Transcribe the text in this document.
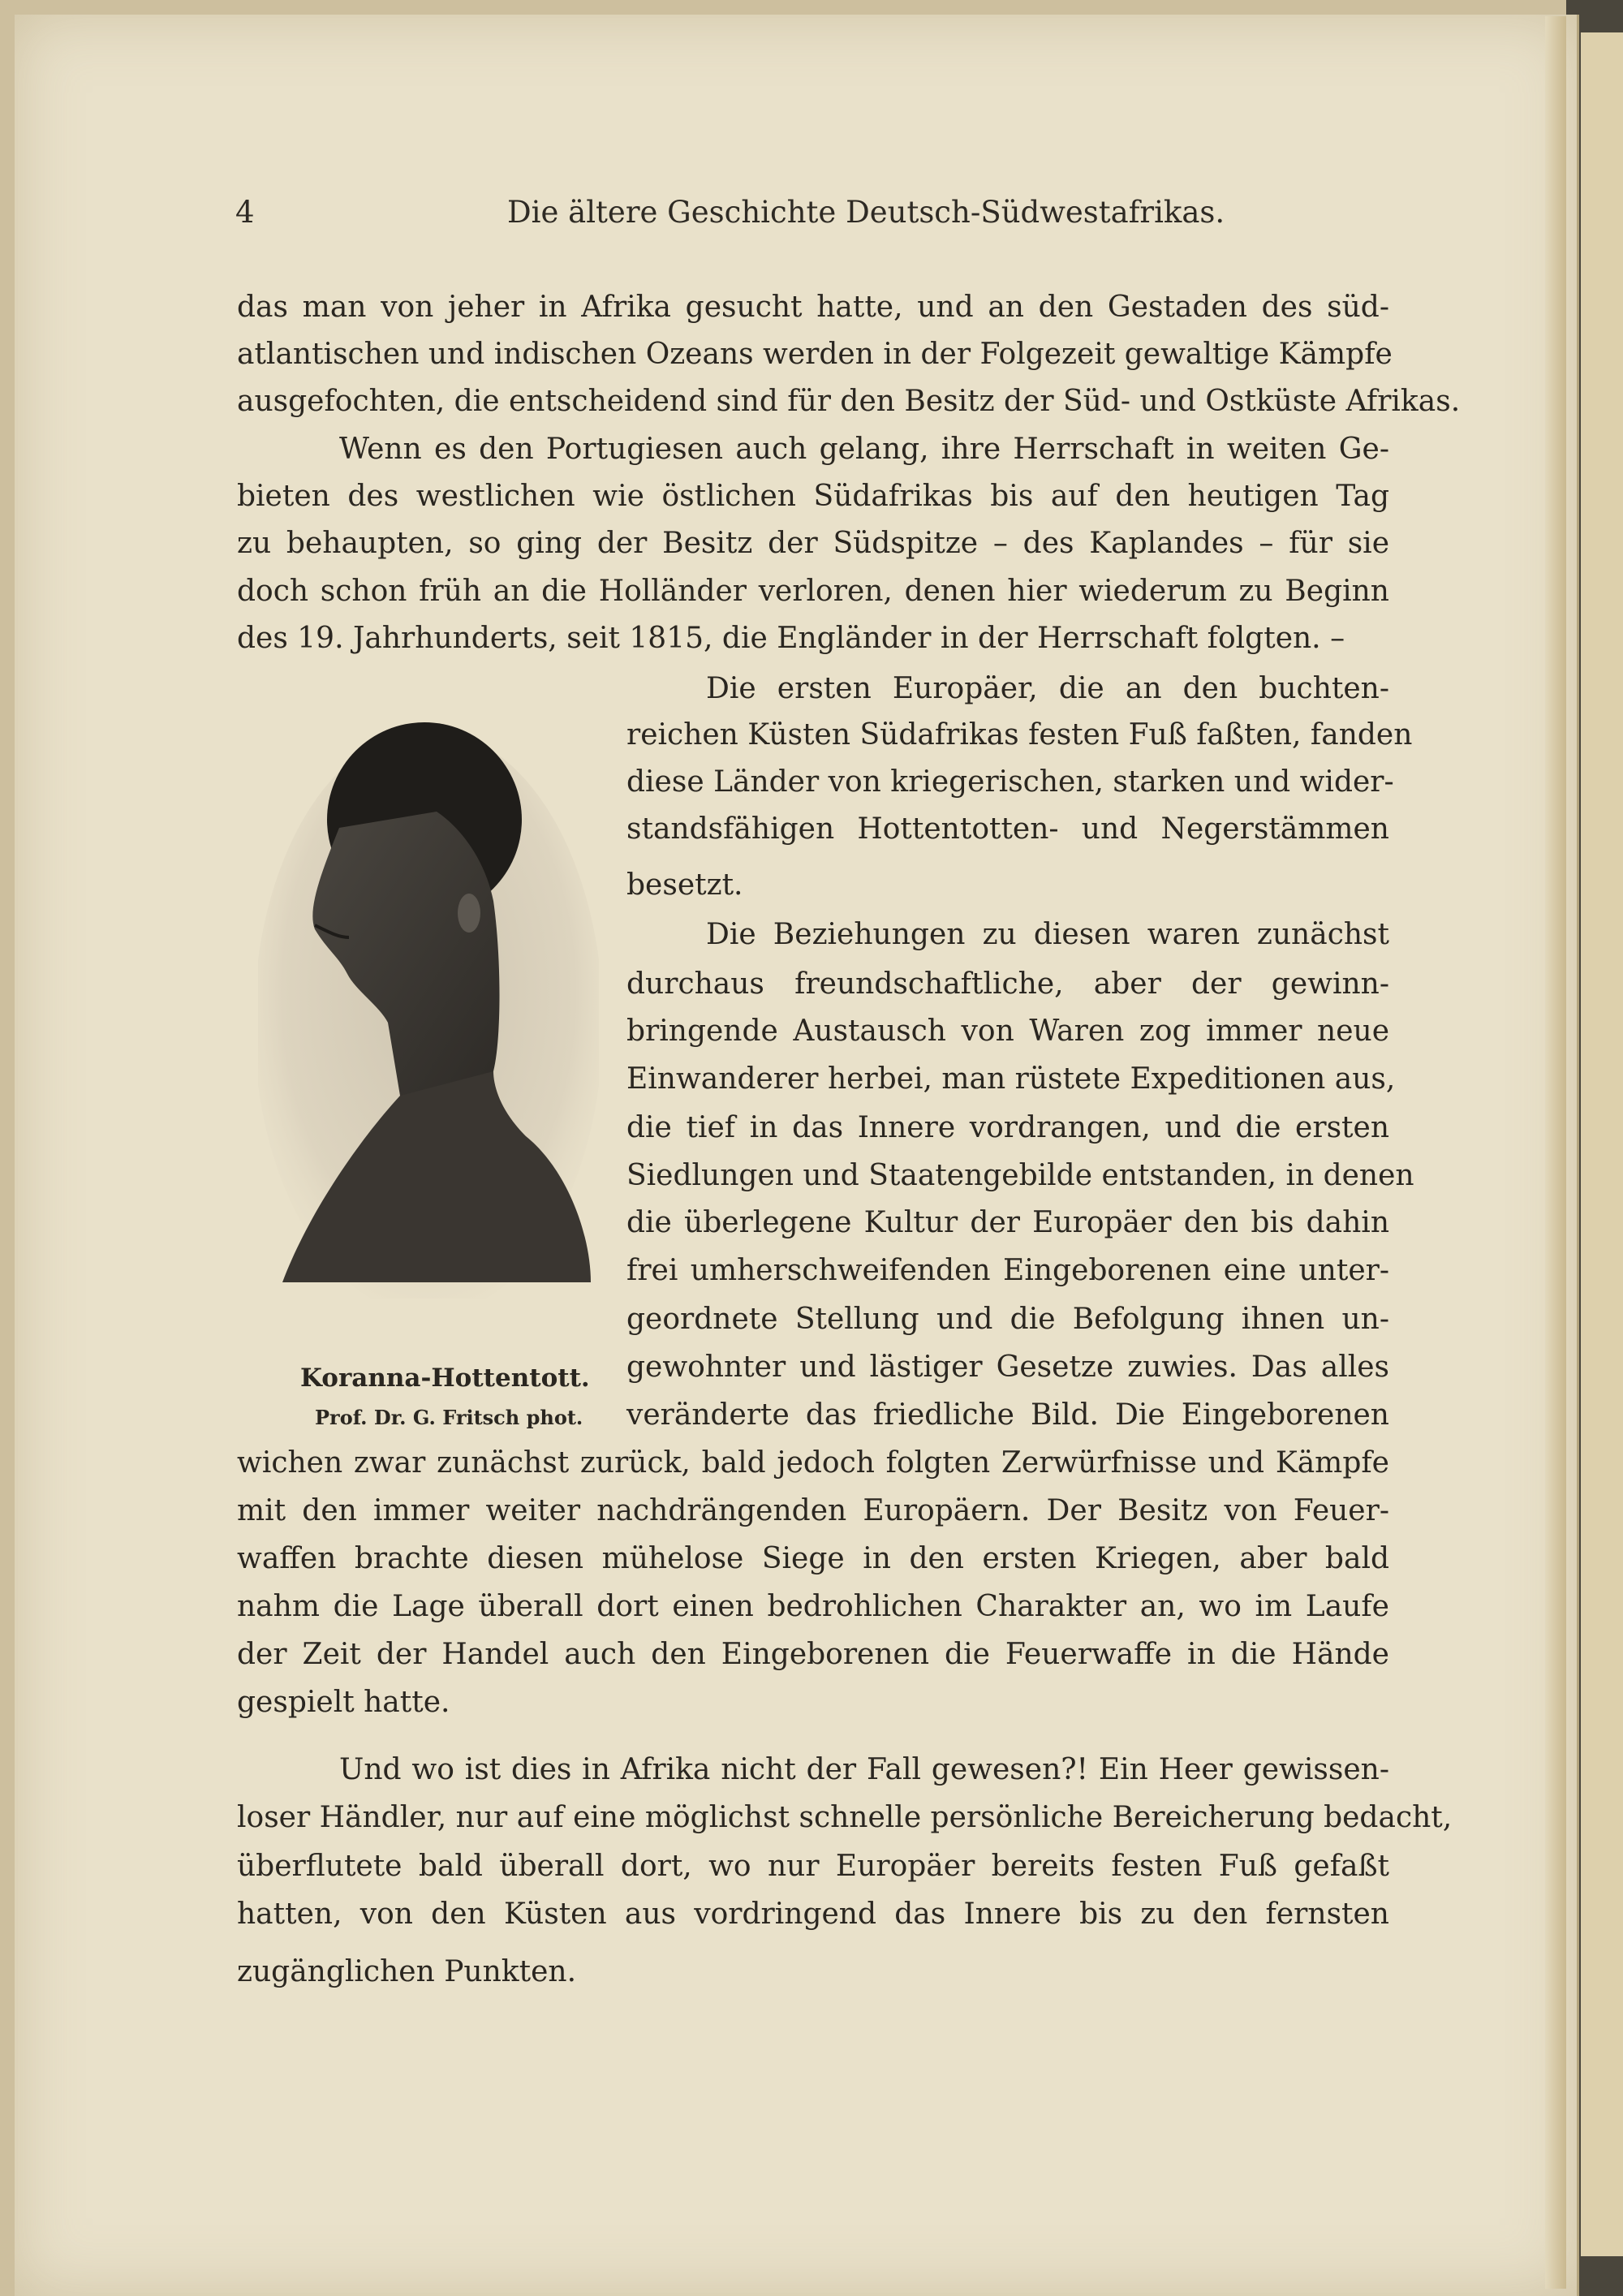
4	Die ältere Geschichte Deutsch-Südwestafrikas.
das man von jeher in Afrika gesucht hatte, und an den Gestaden des süd-
atlantischen und indischen Ozeans werden in der Folgezeit gewaltige Kämpfe
ausgefochten, die entscheidend sind für den Besitz der Süd- und Ostküste Afrikas.
Wenn es den Portugiesen auch gelang, ihre Herrschaft in weiten Ge-
bieten des westlichen wie östlichen Südafrikas bis auf den heutigen Tag
zu behaupten, so ging der Besitz der Südspitze – des Kaplandes – für sie
doch schon früh an die Holländer verloren, denen hier wiederum zu Beginn
des 19. Jahrhunderts, seit 1815, die Engländer in der Herrschaft folgten. –
Die ersten Europäer, die an den buchten-
reichen Küsten Südafrikas festen Fuß faßten, fanden
diese Länder von kriegerischen, starken und wider-
standsfähigen Hottentotten- und Negerstämmen
besetzt.
Die Beziehungen zu diesen waren zunächst
durchaus freundschaftliche, aber der gewinn-
bringende Austausch von Waren zog immer neue
Einwanderer herbei, man rüstete Expeditionen aus,
die tief in das Innere vordrangen, und die ersten
Siedlungen und Staatengebilde entstanden, in denen
die überlegene Kultur der Europäer den bis dahin
frei umherschweifenden Eingeborenen eine unter-
geordnete Stellung und die Befolgung ihnen un-
gewohnter und lästiger Gesetze zuwies. Das alles
veränderte das friedliche Bild. Die Eingeborenen
wichen zwar zunächst zurück, bald jedoch folgten Zerwürfnisse und Kämpfe
mit den immer weiter nachdrängenden Europäern. Der Besitz von Feuer-
waffen brachte diesen mühelose Siege in den ersten Kriegen, aber bald
nahm die Lage überall dort einen bedrohlichen Charakter an, wo im Laufe
der Zeit der Handel auch den Eingeborenen die Feuerwaffe in die Hände
gespielt hatte.
Und wo ist dies in Afrika nicht der Fall gewesen?! Ein Heer gewissen-
loser Händler, nur auf eine möglichst schnelle persönliche Bereicherung bedacht,
überflutete bald überall dort, wo nur Europäer bereits festen Fuß gefaßt
hatten, von den Küsten aus vordringend das Innere bis zu den fernsten
zugänglichen Punkten.
Koranna-Hottentott.
Prof. Dr. G. Fritsch phot.
